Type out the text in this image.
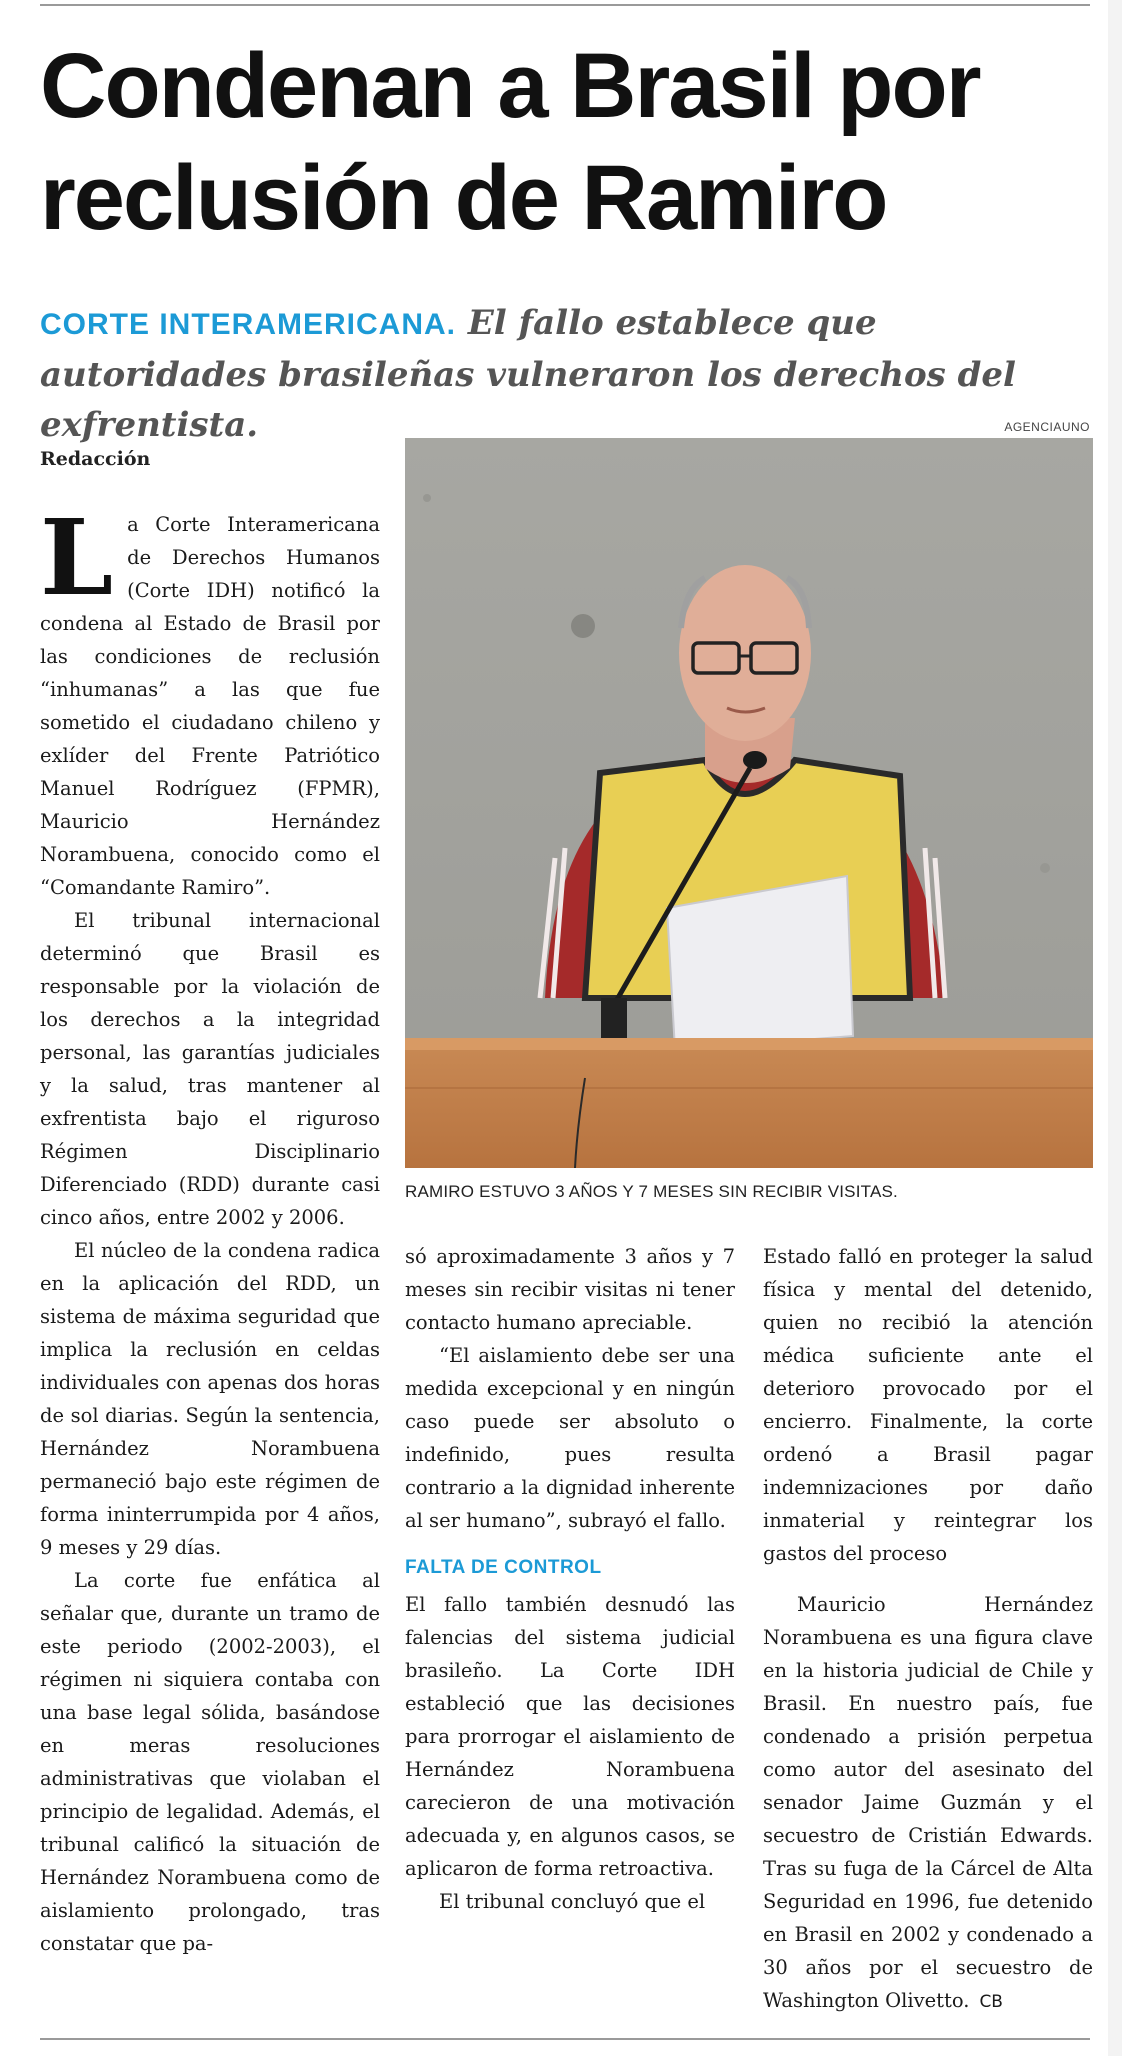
Condenan a Brasil por
reclusión de Ramiro

CORTE INTERAMERICANA. El fallo establece que autoridades brasileñas vulneraron los derechos del exfrentista.

Redacción
AGENCIAUNO
RAMIRO ESTUVO 3 AÑOS Y 7 MESES SIN RECIBIR VISITAS.

La Corte Interamericana de Derechos Humanos (Corte IDH) notificó la condena al Estado de Brasil por las condiciones de reclusión “inhumanas” a las que fue sometido el ciudadano chileno y exlíder del Frente Patriótico Manuel Rodríguez (FPMR), Mauricio Hernández Norambuena, conocido como el “Comandante Ramiro”.

El tribunal internacional determinó que Brasil es responsable por la violación de los derechos a la integridad personal, las garantías judiciales y la salud, tras mantener al exfrentista bajo el riguroso Régimen Disciplinario Diferenciado (RDD) durante casi cinco años, entre 2002 y 2006.

El núcleo de la condena radica en la aplicación del RDD, un sistema de máxima seguridad que implica la reclusión en celdas individuales con apenas dos horas de sol diarias. Según la sentencia, Hernández Norambuena permaneció bajo este régimen de forma ininterrumpida por 4 años, 9 meses y 29 días.

La corte fue enfática al señalar que, durante un tramo de este periodo (2002-2003), el régimen ni siquiera contaba con una base legal sólida, basándose en meras resoluciones administrativas que violaban el principio de legalidad. Además, el tribunal calificó la situación de Hernández Norambuena como de aislamiento prolongado, tras constatar que pa-

só aproximadamente 3 años y 7 meses sin recibir visitas ni tener contacto humano apreciable.

“El aislamiento debe ser una medida excepcional y en ningún caso puede ser absoluto o indefinido, pues resulta contrario a la dignidad inherente al ser humano”, subrayó el fallo.

FALTA DE CONTROL

El fallo también desnudó las falencias del sistema judicial brasileño. La Corte IDH estableció que las decisiones para prorrogar el aislamiento de Hernández Norambuena carecieron de una motivación adecuada y, en algunos casos, se aplicaron de forma retroactiva.

El tribunal concluyó que el

Estado falló en proteger la salud física y mental del detenido, quien no recibió la atención médica suficiente ante el deterioro provocado por el encierro. Finalmente, la corte ordenó a Brasil pagar indemnizaciones por daño inmaterial y reintegrar los gastos del proceso

Mauricio Hernández Norambuena es una figura clave en la historia judicial de Chile y Brasil. En nuestro país, fue condenado a prisión perpetua como autor del asesinato del senador Jaime Guzmán y el secuestro de Cristián Edwards. Tras su fuga de la Cárcel de Alta Seguridad en 1996, fue detenido en Brasil en 2002 y condenado a 30 años por el secuestro de Washington Olivetto. CB
